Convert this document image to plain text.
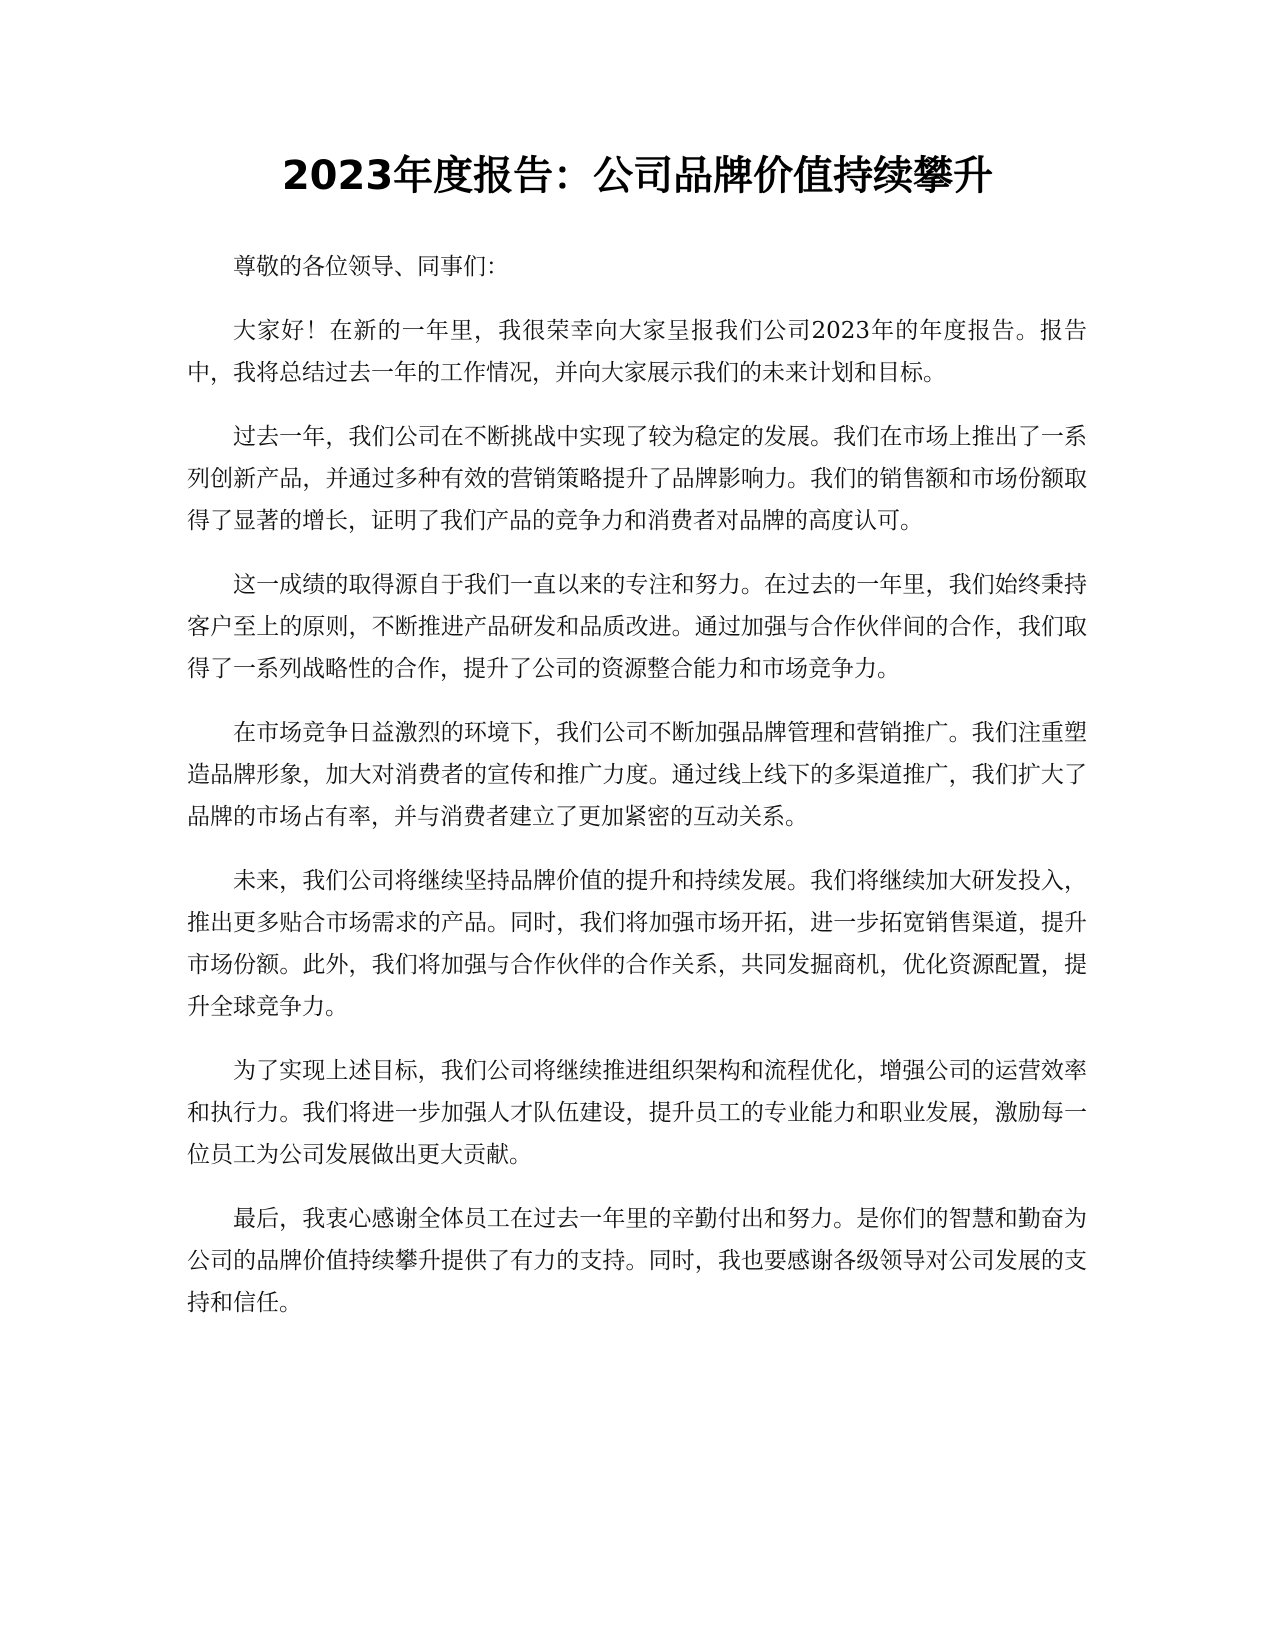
2023年度报告：公司品牌价值持续攀升

尊敬的各位领导、同事们：

大家好！在新的一年里，我很荣幸向大家呈报我们公司2023年的年度报告。报告中，我将总结过去一年的工作情况，并向大家展示我们的未来计划和目标。

过去一年，我们公司在不断挑战中实现了较为稳定的发展。我们在市场上推出了一系列创新产品，并通过多种有效的营销策略提升了品牌影响力。我们的销售额和市场份额取得了显著的增长，证明了我们产品的竞争力和消费者对品牌的高度认可。

这一成绩的取得源自于我们一直以来的专注和努力。在过去的一年里，我们始终秉持客户至上的原则，不断推进产品研发和品质改进。通过加强与合作伙伴间的合作，我们取得了一系列战略性的合作，提升了公司的资源整合能力和市场竞争力。

在市场竞争日益激烈的环境下，我们公司不断加强品牌管理和营销推广。我们注重塑造品牌形象，加大对消费者的宣传和推广力度。通过线上线下的多渠道推广，我们扩大了品牌的市场占有率，并与消费者建立了更加紧密的互动关系。

未来，我们公司将继续坚持品牌价值的提升和持续发展。我们将继续加大研发投入，推出更多贴合市场需求的产品。同时，我们将加强市场开拓，进一步拓宽销售渠道，提升市场份额。此外，我们将加强与合作伙伴的合作关系，共同发掘商机，优化资源配置，提升全球竞争力。

为了实现上述目标，我们公司将继续推进组织架构和流程优化，增强公司的运营效率和执行力。我们将进一步加强人才队伍建设，提升员工的专业能力和职业发展，激励每一位员工为公司发展做出更大贡献。

最后，我衷心感谢全体员工在过去一年里的辛勤付出和努力。是你们的智慧和勤奋为公司的品牌价值持续攀升提供了有力的支持。同时，我也要感谢各级领导对公司发展的支持和信任。
